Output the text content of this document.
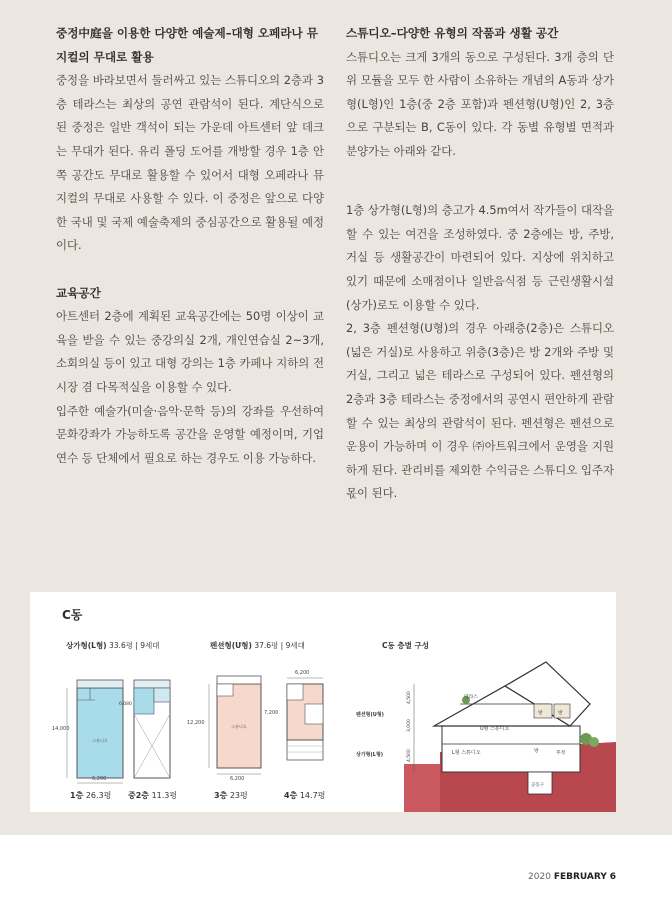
중정中庭을 이용한 다양한 예술제–대형 오페라나 뮤
지컬의 무대로 활용

중정을 바라보면서 둘러싸고 있는 스튜디오의 2층과 3층 테라스는 최상의 공연 관람석이 된다. 계단식으로 된 중정은 일반 객석이 되는 가운데 아트센터 앞 데크는 무대가 된다. 유리 폴딩 도어를 개방할 경우 1층 안쪽 공간도 무대로 활용할 수 있어서 대형 오페라나 뮤지컬의 무대로 사용할 수 있다. 이 중정은 앞으로 다양한 국내 및 국제 예술축제의 중심공간으로 활용될 예정이다.

교육공간

아트센터 2층에 계획된 교육공간에는 50명 이상이 교육을 받을 수 있는 중강의실 2개, 개인연습실 2~3개, 소회의실 등이 있고 대형 강의는 1층 카페나 지하의 전시장 겸 다목적실을 이용할 수 있다.

입주한 예술가(미술·음악·문학 등)의 강좌를 우선하여 문화강좌가 가능하도록 공간을 운영할 예정이며, 기업연수 등 단체에서 필요로 하는 경우도 이용 가능하다.

스튜디오–다양한 유형의 작품과 생활 공간

스튜디오는 크게 3개의 동으로 구성된다. 3개 층의 단위 모듈을 모두 한 사람이 소유하는 개념의 A동과 상가형(L형)인 1층(중 2층 포함)과 펜션형(U형)인 2, 3층으로 구분되는 B, C동이 있다. 각 동별 유형별 면적과 분양가는 아래와 같다.

1층 상가형(L형)의 층고가 4.5m여서 작가들이 대작을 할 수 있는 여건을 조성하였다. 중 2층에는 방, 주방, 거실 등 생활공간이 마련되어 있다. 지상에 위치하고 있기 때문에 소매점이나 일반음식점 등 근린생활시설(상가)로도 이용할 수 있다.

2, 3층 펜션형(U형)의 경우 아래층(2층)은 스튜디오(넓은 거실)로 사용하고 위층(3층)은 방 2개와 주방 및 거실, 그리고 넓은 테라스로 구성되어 있다. 펜션형의 2층과 3층 테라스는 중정에서의 공연시 편안하게 관람할 수 있는 최상의 관람석이 된다. 펜션형은 펜션으로 운용이 가능하며 이 경우 ㈜아트워크에서 운영을 지원하게 된다. 관리비를 제외한 수익금은 스튜디오 입주자 몫이 된다.

C동
상가형(L형) 33.6평 | 9세대	펜션형(U형) 37.6평 | 9세대	C동 층별 구성
스튜디오
14,000
6,200
6,080
스튜디오
12,200
6,200
6,200
7,200
4,500
3,000
4,500
펜션형(U형)
상가형(L형)
테라스
방	방
U형 스튜디오
L형 스튜디오	방	후정
공동구
1층 26.3평 중2층 11.3평	3층 23평	4층 14.7평
2020 FEBRUARY 6
